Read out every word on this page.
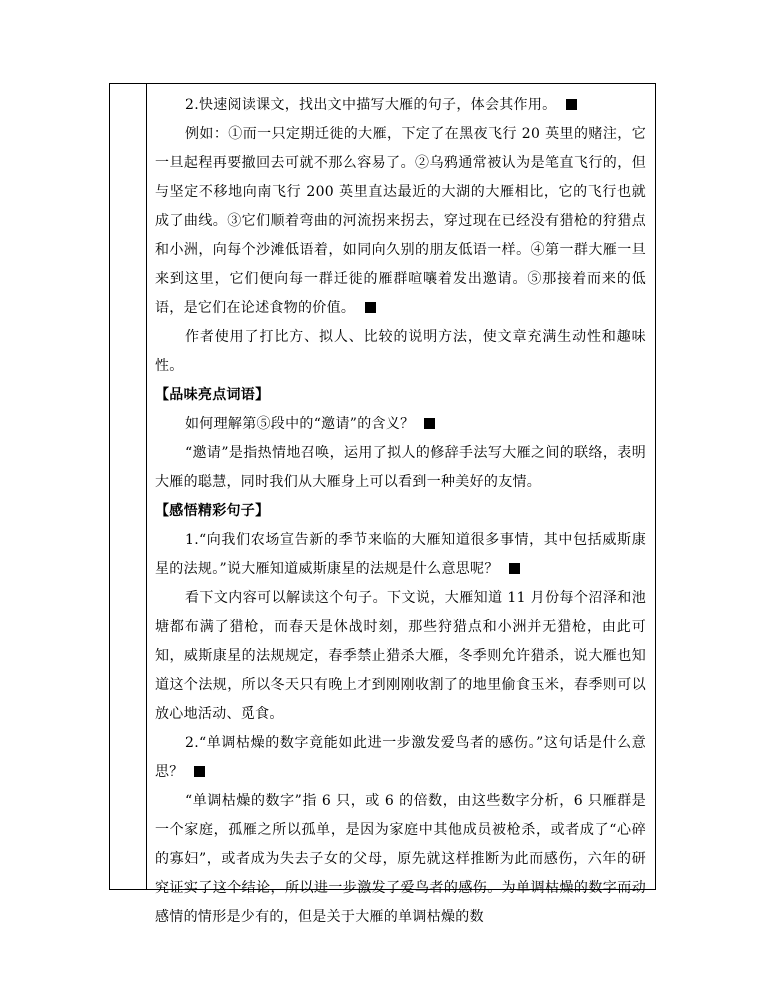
2.快速阅读课文，找出文中描写大雁的句子，体会其作用。

例如：①而一只定期迁徙的大雁，下定了在黑夜飞行 20 英里的赌注，它一旦起程再要撤回去可就不那么容易了。②乌鸦通常被认为是笔直飞行的，但与坚定不移地向南飞行 200 英里直达最近的大湖的大雁相比，它的飞行也就成了曲线。③它们顺着弯曲的河流拐来拐去，穿过现在已经没有猎枪的狩猎点和小洲，向每个沙滩低语着，如同向久别的朋友低语一样。④第一群大雁一旦来到这里，它们便向每一群迁徙的雁群喧嚷着发出邀请。⑤那接着而来的低语，是它们在论述食物的价值。

作者使用了打比方、拟人、比较的说明方法，使文章充满生动性和趣味性。

【品味亮点词语】

如何理解第⑤段中的“邀请”的含义？

“邀请”是指热情地召唤，运用了拟人的修辞手法写大雁之间的联络，表明大雁的聪慧，同时我们从大雁身上可以看到一种美好的友情。

【感悟精彩句子】

1.“向我们农场宣告新的季节来临的大雁知道很多事情，其中包括威斯康星的法规。”说大雁知道威斯康星的法规是什么意思呢？

看下文内容可以解读这个句子。下文说，大雁知道 11 月份每个沼泽和池塘都布满了猎枪，而春天是休战时刻，那些狩猎点和小洲并无猎枪，由此可知，威斯康星的法规规定，春季禁止猎杀大雁，冬季则允许猎杀，说大雁也知道这个法规，所以冬天只有晚上才到刚刚收割了的地里偷食玉米，春季则可以放心地活动、觅食。

2.“单调枯燥的数字竟能如此进一步激发爱鸟者的感伤。”这句话是什么意思？

“单调枯燥的数字”指 6 只，或 6 的倍数，由这些数字分析，6 只雁群是一个家庭，孤雁之所以孤单，是因为家庭中其他成员被枪杀，或者成了“心碎的寡妇”，或者成为失去子女的父母，原先就这样推断为此而感伤，六年的研究证实了这个结论，所以进一步激发了爱鸟者的感伤。为单调枯燥的数字而动感情的情形是少有的，但是关于大雁的单调枯燥的数
